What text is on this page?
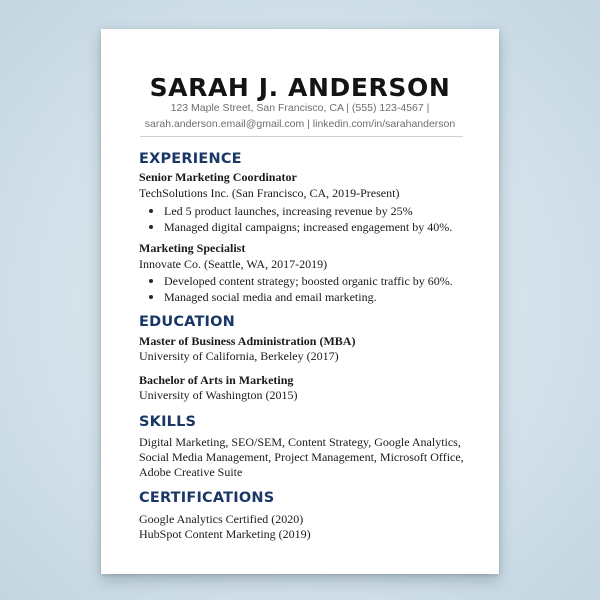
SARAH J. ANDERSON
123 Maple Street, San Francisco, CA | (555) 123-4567 |
sarah.anderson.email@gmail.com | linkedin.com/in/sarahanderson
EXPERIENCE
Senior Marketing Coordinator
TechSolutions Inc. (San Francisco, CA, 2019-Present)
Led 5 product launches, increasing revenue by 25%
Managed digital campaigns; increased engagement by 40%.
Marketing Specialist
Innovate Co. (Seattle, WA, 2017-2019)
Developed content strategy; boosted organic traffic by 60%.
Managed social media and email marketing.
EDUCATION
Master of Business Administration (MBA)
University of California, Berkeley (2017)
Bachelor of Arts in Marketing
University of Washington (2015)
SKILLS
Digital Marketing, SEO/SEM, Content Strategy, Google Analytics,
Social Media Management, Project Management, Microsoft Office,
Adobe Creative Suite
CERTIFICATIONS
Google Analytics Certified (2020)
HubSpot Content Marketing (2019)
